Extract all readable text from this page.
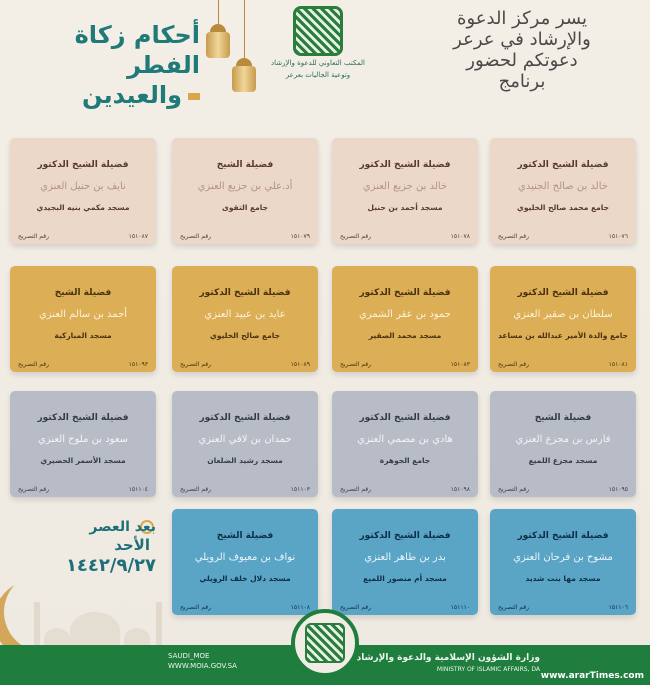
أحكام زكاة الفطر
والعيدين
المكتب التعاوني للدعوة والإرشاد
وتوعية الجاليات بعرعر
يسر مركز الدعوة
والإرشاد في عرعر
دعوتكم لحضور
برنامج
فضيلة الشيخ الدكتور
خالد بن صالح الجنيدي
جامع محمد صالح الخليوي
١٥١٠٧٦
رقم التصريح
فضيلة الشيخ الدكتور
خالد بن جزيع العنزي
مسجد أحمد بن حنبل
١٥١٠٧٨
رقم التصريح
فضيلة الشيخ
أد.علي بن جزيع العنزي
جامع التقوى
١٥١٠٧٩
رقم التصريح
فضيلة الشيخ الدكتور
نايف بن حنيل العنزي
مسجد مكمي بنيه البجيدي
١٥١٠٨٧
رقم التصريح
فضيلة الشيخ الدكتور
سلطان بن صقير العنزي
جامع والدة الأمير عبدالله بن مساعد
١٥١٠٨١
رقم التصريح
فضيلة الشيخ الدكتور
حمود بن عقر الشمري
مسجد محمد الصقير
١٥١٠٨٣
رقم التصريح
فضيلة الشيخ الدكتور
عايد بن عبيد العنزي
جامع صالح الخليوي
١٥١٠٨٩
رقم التصريح
فضيلة الشيخ
أحمد بن سالم العنزي
مسجد المباركية
١٥١٠٩٣
رقم التصريح
فضيلة الشيخ
فارس بن مجزع العنزي
مسجد مجزع اللميع
١٥١٠٩٥
رقم التصريح
فضيلة الشيخ الدكتور
هادي بن مصمي العنزي
جامع الجوهرة
١٥١٠٩٨
رقم التصريح
فضيلة الشيخ الدكتور
حمدان بن لافي العنزي
مسجد رشيد الضلعان
١٥١١٠٣
رقم التصريح
فضيلة الشيخ الدكتور
سعود بن ملوح العنزي
مسجد الأسمر الحضيري
١٥١١٠٤
رقم التصريح
فضيلة الشيخ الدكتور
مشوح بن فرحان العنزي
مسجد مها بنت شديد
١٥١١٠٦
رقم التصريح
فضيلة الشيخ الدكتور
بدر بن طاهر العنزي
مسجد أم منصور اللميع
١٥١١١٠
رقم التصريح
فضيلة الشيخ
نواف بن معيوف الرويلي
مسجد دلال خلف الرويلي
١٥١١٠٨
رقم التصريح
بعد العصر
الأحد
١٤٤٢/٩/٢٧
SAUDI_MOE
WWW.MOIA.GOV.SA
وزارة الشؤون الإسلامية والدعوة والإرشاد
MINISTRY OF ISLAMIC AFFAIRS, DA
www.ararTimes.com
